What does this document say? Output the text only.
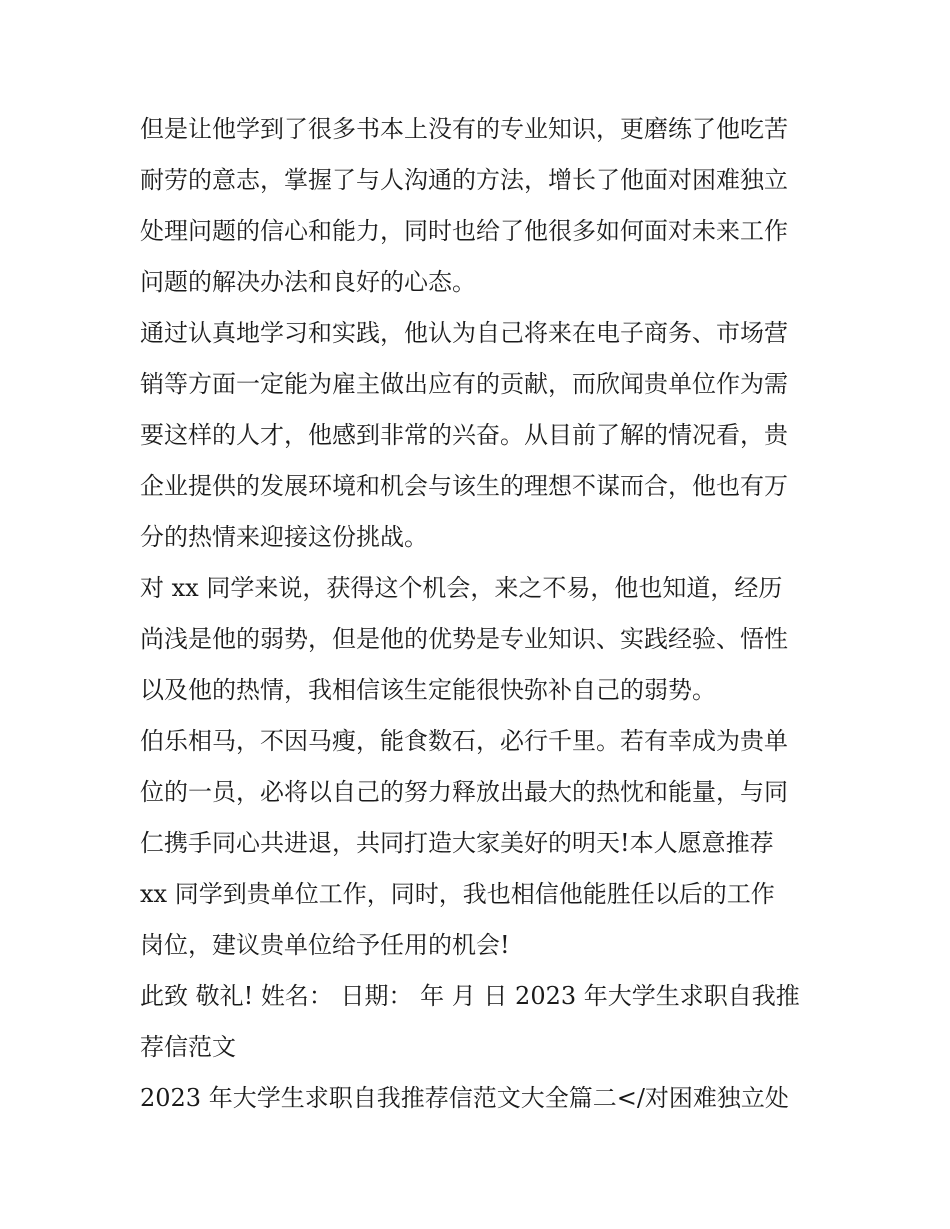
但是让他学到了很多书本上没有的专业知识，更磨练了他吃苦
耐劳的意志，掌握了与人沟通的方法，增长了他面对困难独立
处理问题的信心和能力，同时也给了他很多如何面对未来工作
问题的解决办法和良好的心态。
通过认真地学习和实践，他认为自己将来在电子商务、市场营
销等方面一定能为雇主做出应有的贡献，而欣闻贵单位作为需
要这样的人才，他感到非常的兴奋。从目前了解的情况看，贵
企业提供的发展环境和机会与该生的理想不谋而合，他也有万
分的热情来迎接这份挑战。
对 xx 同学来说，获得这个机会，来之不易，他也知道，经历
尚浅是他的弱势，但是他的优势是专业知识、实践经验、悟性
以及他的热情，我相信该生定能很快弥补自己的弱势。
伯乐相马，不因马瘦，能食数石，必行千里。若有幸成为贵单
位的一员，必将以自己的努力释放出最大的热忱和能量，与同
仁携手同心共进退，共同打造大家美好的明天!本人愿意推荐
xx 同学到贵单位工作，同时，我也相信他能胜任以后的工作
岗位，建议贵单位给予任用的机会!
此致 敬礼! 姓名： 日期： 年 月 日 2023 年大学生求职自我推
荐信范文
2023 年大学生求职自我推荐信范文大全篇二</对困难独立处
